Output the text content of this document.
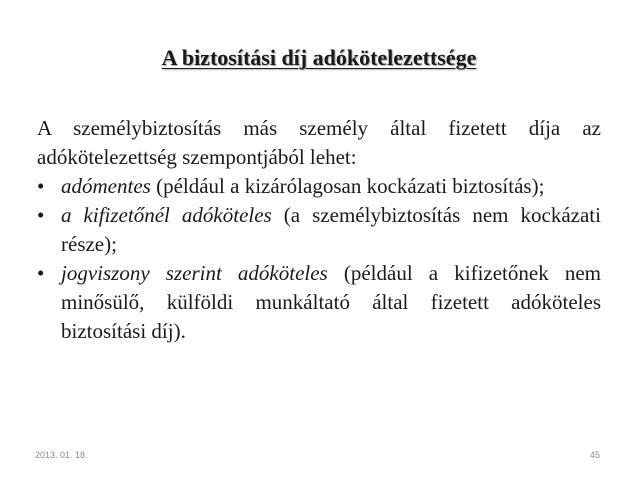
A biztosítási díj adókötelezettsége

A személybiztosítás más személy által fizetett díja az adókötelezettség szempontjából lehet:

• adómentes (például a kizárólagosan kockázati biztosítás);
• a kifizetőnél adóköteles (a személybiztosítás nem kockázati része);
• jogviszony szerint adóköteles (például a kifizetőnek nem minősülő, külföldi munkáltató által fizetett adóköteles biztosítási díj).
2013. 01. 18.	45
